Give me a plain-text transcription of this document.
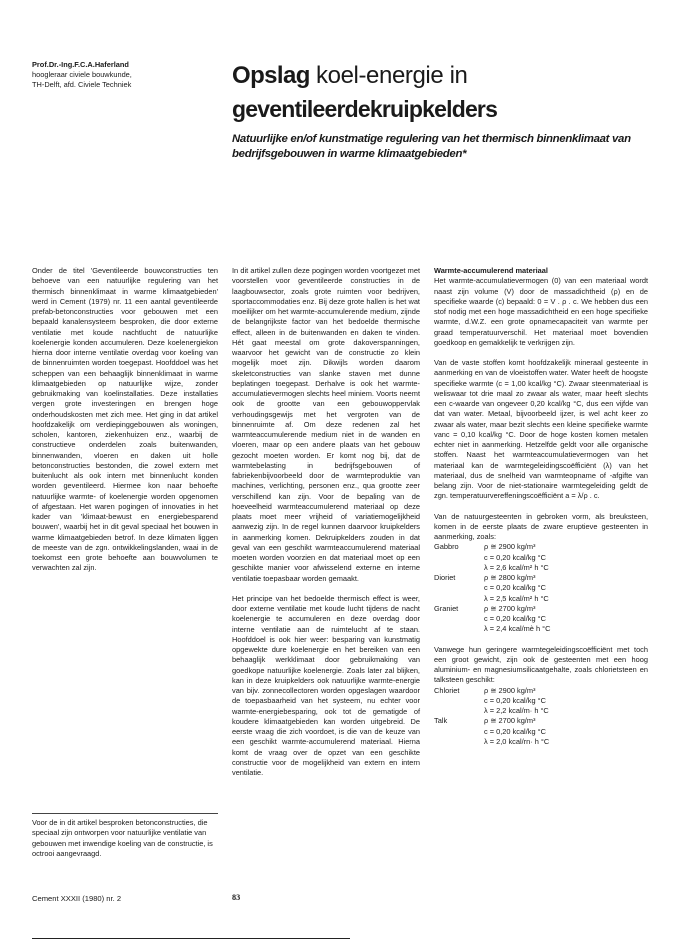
Prof.Dr.-Ing.F.C.A.Haferland
hoogleraar civiele bouwkunde,
TH-Delft, afd. Civiele Techniek	Opslag koel-energie in
geventileerdekruipkelders
Natuurlijke en/of kunstmatige regulering van het thermisch binnenklimaat van bedrijfsgebouwen in warme klimaatgebieden*

Onder de titel 'Geventileerde bouwconstructies ten behoeve van een natuurlijke regulering van het thermisch binnenklimaat in warme klimaatgebieden' werd in Cement (1979) nr. 11 een aantal geventileerde prefab-betonconstructies voor gebouwen met een bepaald kanalensysteem besproken, die door externe ventilatie met koude nachtlucht de natuurlijke koelenergie konden accumuleren. Deze koelenergiekon hierna door interne ventilatie overdag voor koeling van de binnenruimten worden toegepast. Hoofddoel was het scheppen van een behaaglijk binnenklimaat in warme klimaatgebieden op natuurlijke wijze, zonder gebruikmaking van koelinstallaties. Deze installaties vergen grote investeringen en brengen hoge onderhoudskosten met zich mee. Het ging in dat artikel hoofdzakelijk om verdiepinggebouwen als woningen, scholen, kantoren, ziekenhuizen enz., waarbij de constructieve onderdelen zoals buitenwanden, binnenwanden, vloeren en daken uit holle betonconstructies bestonden, die zowel extern met buitenlucht als ook intern met binnenlucht konden worden geventileerd. Hiermee kon naar behoefte natuurlijke warmte- of koelenergie worden opgenomen of afgestaan. Het waren pogingen of innovaties in het kader van 'klimaat-bewust en energiebesparend bouwen', waarbij het in dit geval speciaal het bouwen in warme klimaatgebieden betrof. In deze klimaten liggen de meeste van de zgn. ontwikkelingslanden, waai in de toekomst een grote behoefte aan bouwvolumen te verwachten zal zijn.

Voor de in dit artikel besproken betonconstructies, die speciaal zijn ontworpen voor natuurlijke ventilatie van gebouwen met inwendige koeling van de constructie, is octrooi aangevraagd.

In dit artikel zullen deze pogingen worden voortgezet met voorstellen voor geventileerde constructies in de laagbouwsector, zoals grote ruimten voor bedrijven, sportaccommodaties enz. Bij deze grote hallen is het wat moeilijker om het warmte-accumulerende medium, zijnde de belangrijkste factor van het bedoelde thermische effect, alleen in de buitenwanden en daken te vinden. Hét gaat meestal om grote dakoverspanningen, waarvoor het gewicht van de constructie zo klein mogelijk moet zijn. Dikwijls worden daarom skeletconstructies van slanke staven met dunne beplatingen toegepast. Derhalve is ook het warmte-accumulatievermogen slechts heel miniem. Voorts neemt ook de grootte van een gebouwoppervlak verhoudingsgewijs met het vergroten van de binnenruimte af. Om deze redenen zal het warmteaccumulerende medium niet in de wanden en vloeren, maar op een andere plaats van het gebouw gezocht moeten worden. Er komt nog bij, dat de warmtebelasting in bedrijfsgebouwen of fabriekenbijvoorbeeld door de warmteproduktie van machines, verlichting, personen enz., qua grootte zeer verschillend kan zijn. Voor de bepaling van de hoeveelheid warmteaccumulerend materiaal op deze plaats moet meer vrijheid of variatiemogelijkheid aanwezig zijn. In de regel kunnen daarvoor kruipkelders in aanmerking komen. Dekruipkelders zouden in dat geval van een geschikt warmteaccumulerend materiaal moeten worden voorzien en dat materiaal moet op een geschikte manier voor afwisselend externe en interne ventilatie toepasbaar worden gemaakt.

Het principe van het bedoelde thermisch effect is weer, door externe ventilatie met koude lucht tijdens de nacht koelenergie te accumuleren en deze overdag door interne ventilatie aan de ruimtelucht af te staan. Hoofddoel is ook hier weer: besparing van kunstmatig opgewekte dure koelenergie en het bereiken van een behaaglijk werkklimaat door gebruikmaking van goedkope natuurlijke koelenergie. Zoals later zal blijken, kan in deze kruipkelders ook natuurlijke warmte-energie van bijv. zonnecollectoren worden opgeslagen waardoor de toepasbaarheid van het systeem, nu echter voor warmte-energiebesparing, ook tot de gematigde of koudere klimaatgebieden kan worden uitgebreid. De eerste vraag die zich voordoet, is die van de keuze van een geschikt warmte-accumulerend materiaal. Hierna komt de vraag over de opzet van een geschikte constructie voor de mogelijkheid van extern en intern ventilatie.

Warmte-accumulerend materiaal

Het warmte-accumulatievermogen (0) van een materiaal wordt naast zijn volume (V) door de massadichtheid (ρ) en de specifieke waarde (c) bepaald: 0 = V . ρ . c. We hebben dus een stof nodig met een hoge massadichtheid en een hoge specifieke warmte, d.W.Z. een grote opnamecapaciteit van warmte per graad temperatuurverschil. Het materiaal moet bovendien goedkoop en gemakkelijk te verkrijgen zijn.

Van de vaste stoffen komt hoofdzakelijk mineraal gesteente in aanmerking en van de vloeistoffen water. Water heeft de hoogste specifieke warmte (c = 1,00 kcal/kg °C). Zwaar steenmateriaal is weliswaar tot drie maal zo zwaar als water, maar heeft slechts een c-waarde van ongeveer 0,20 kcal/kg °C, dus een vijfde van dat van water. Metaal, bijvoorbeeld ijzer, is wel acht keer zo zwaar als water, maar bezit slechts een kleine specifieke warmte vanc = 0,10 kcal/kg °C. Door de hoge kosten komen metalen echter niet in aanmerking. Hetzelfde geldt voor alle organische stoffen. Naast het warmteaccumulatievermogen van het materiaal kan de warmtegeleidingscoëfficiënt (λ) van het materiaal, dus de snelheid van warmteopname of -afgifte van belang zijn. Voor de niet-stationaire warmtegeleiding geldt de zgn. temperatuurvereffeningscoëfficiënt a = λ/ρ . c.

Van de natuurgesteenten in gebroken vorm, als breuksteen, komen in de eerste plaats de zware eruptieve gesteenten in aanmerking, zoals:

Gabbro	ρ ≅ 2900 kg/m³
	c = 0,20 kcal/kg °C
	λ = 2,6 kcal/m² h °C
Dioriet	ρ ≅ 2800 kg/m³
	c = 0,20 kcal/kg °C
	λ = 2,5 kcal/m² h °C
Graniet	ρ ≅ 2700 kg/m³
	c = 0,20 kcal/kg °C
	λ = 2,4 kcal/mè h °C

Vanwege hun geringere warmtegeleidingscoëfficiënt met toch een groot gewicht, zijn ook de gesteenten met een hoog aluminium- en magnesiumsilicaatgehalte, zoals chlorietsteen en talksteen geschikt:

Chloriet	ρ ≅ 2900 kg/m³
	c = 0,20 kcal/kg °C
	λ = 2,2 kcal/m· h °C
Talk	ρ ≅ 2700 kg/m³
	c = 0,20 kcal/kg °C
	λ = 2,0 kcal/rn· h °C
Cement XXXII (1980) nr. 2	83
